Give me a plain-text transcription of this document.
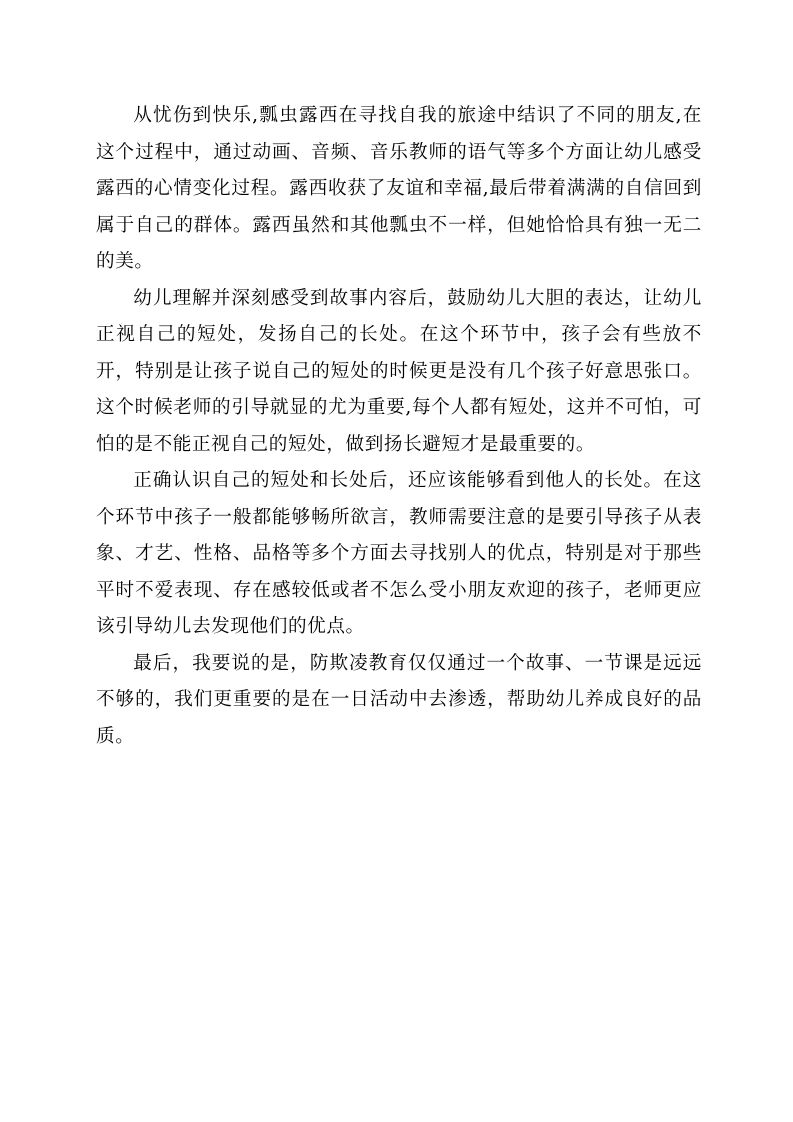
从忧伤到快乐,瓢虫露西在寻找自我的旅途中结识了不同的朋友,在这个过程中，通过动画、音频、音乐教师的语气等多个方面让幼儿感受露西的心情变化过程。露西收获了友谊和幸福,最后带着满满的自信回到属于自己的群体。露西虽然和其他瓢虫不一样，但她恰恰具有独一无二的美。

幼儿理解并深刻感受到故事内容后，鼓励幼儿大胆的表达，让幼儿正视自己的短处，发扬自己的长处。在这个环节中，孩子会有些放不开，特别是让孩子说自己的短处的时候更是没有几个孩子好意思张口。这个时候老师的引导就显的尤为重要,每个人都有短处，这并不可怕，可怕的是不能正视自己的短处，做到扬长避短才是最重要的。

正确认识自己的短处和长处后，还应该能够看到他人的长处。在这个环节中孩子一般都能够畅所欲言，教师需要注意的是要引导孩子从表象、才艺、性格、品格等多个方面去寻找别人的优点，特别是对于那些平时不爱表现、存在感较低或者不怎么受小朋友欢迎的孩子，老师更应该引导幼儿去发现他们的优点。

最后，我要说的是，防欺凌教育仅仅通过一个故事、一节课是远远不够的，我们更重要的是在一日活动中去渗透，帮助幼儿养成良好的品质。
